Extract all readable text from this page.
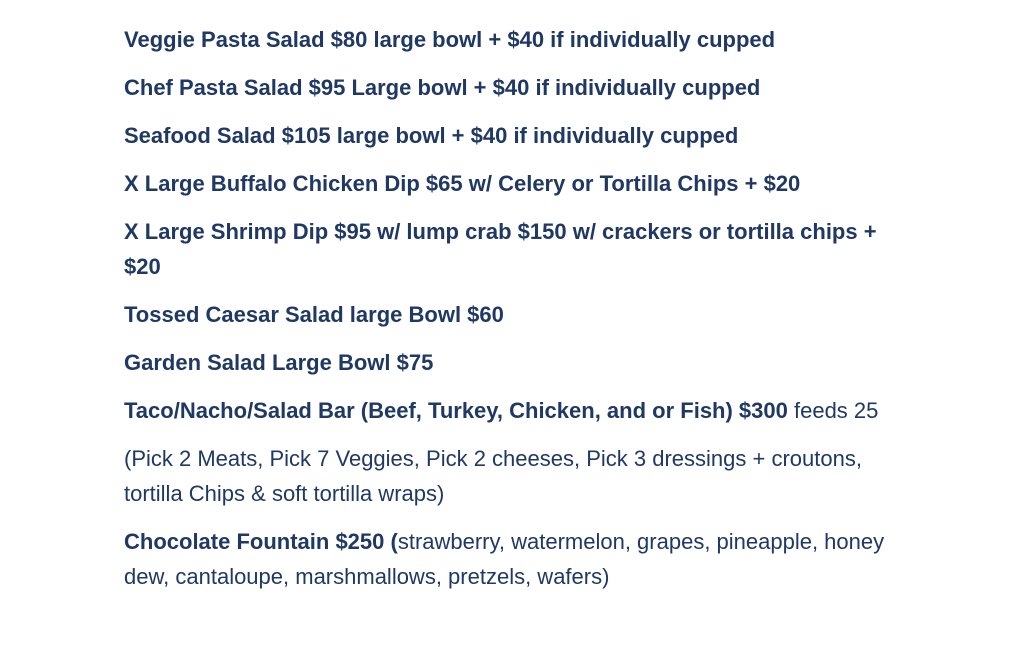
Veggie Pasta Salad $80 large bowl + $40 if individually cupped
Chef Pasta Salad $95 Large bowl + $40 if individually cupped
Seafood Salad $105 large bowl + $40 if individually cupped
X Large Buffalo Chicken Dip $65 w/ Celery or Tortilla Chips + $20
X Large Shrimp Dip $95 w/ lump crab $150 w/ crackers or tortilla chips + $20
Tossed Caesar Salad large Bowl $60
Garden Salad Large Bowl $75
Taco/Nacho/Salad Bar (Beef, Turkey, Chicken, and or Fish) $300 feeds 25
(Pick 2 Meats, Pick 7 Veggies, Pick 2 cheeses, Pick 3 dressings + croutons, tortilla Chips & soft tortilla wraps)
Chocolate Fountain $250 (strawberry, watermelon, grapes, pineapple, honey dew, cantaloupe, marshmallows, pretzels, wafers)
